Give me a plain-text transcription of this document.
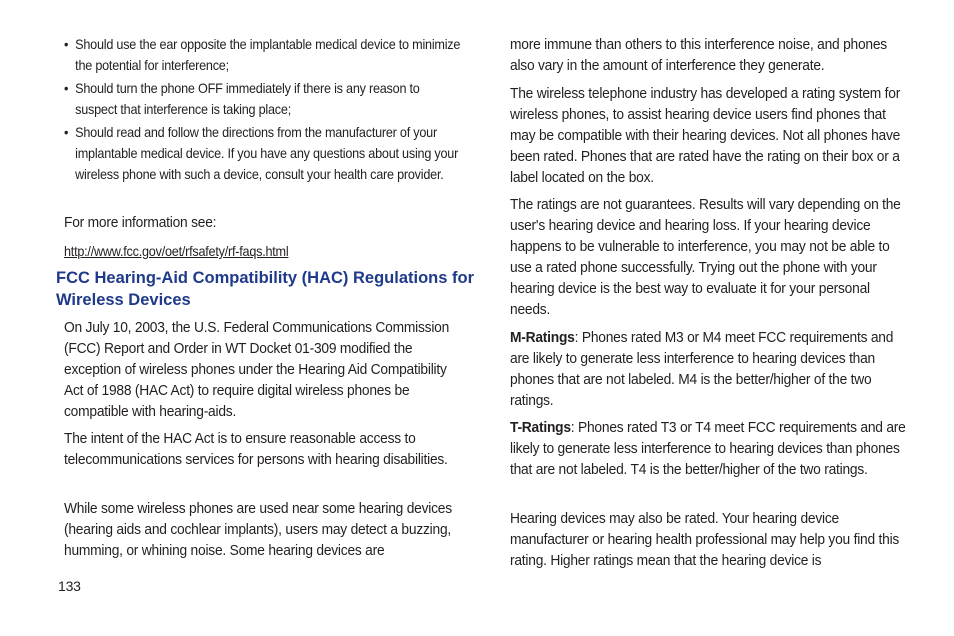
• Should use the ear opposite the implantable medical device to minimize the potential for interference;
• Should turn the phone OFF immediately if there is any reason to suspect that interference is taking place;
• Should read and follow the directions from the manufacturer of your implantable medical device. If you have any questions about using your wireless phone with such a device, consult your health care provider.

For more information see:

http://www.fcc.gov/oet/rfsafety/rf-faqs.html

FCC Hearing-Aid Compatibility (HAC) Regulations for Wireless Devices

On July 10, 2003, the U.S. Federal Communications Commission (FCC) Report and Order in WT Docket 01-309 modified the exception of wireless phones under the Hearing Aid Compatibility Act of 1988 (HAC Act) to require digital wireless phones be compatible with hearing-aids.

The intent of the HAC Act is to ensure reasonable access to telecommunications services for persons with hearing disabilities.

While some wireless phones are used near some hearing devices (hearing aids and cochlear implants), users may detect a buzzing, humming, or whining noise. Some hearing devices are

more immune than others to this interference noise, and phones also vary in the amount of interference they generate.

The wireless telephone industry has developed a rating system for wireless phones, to assist hearing device users find phones that may be compatible with their hearing devices. Not all phones have been rated. Phones that are rated have the rating on their box or a label located on the box.

The ratings are not guarantees. Results will vary depending on the user's hearing device and hearing loss. If your hearing device happens to be vulnerable to interference, you may not be able to use a rated phone successfully. Trying out the phone with your hearing device is the best way to evaluate it for your personal needs.

M-Ratings: Phones rated M3 or M4 meet FCC requirements and are likely to generate less interference to hearing devices than phones that are not labeled. M4 is the better/higher of the two ratings.

T-Ratings: Phones rated T3 or T4 meet FCC requirements and are likely to generate less interference to hearing devices than phones that are not labeled. T4 is the better/higher of the two ratings.

Hearing devices may also be rated. Your hearing device manufacturer or hearing health professional may help you find this rating. Higher ratings mean that the hearing device is

133
